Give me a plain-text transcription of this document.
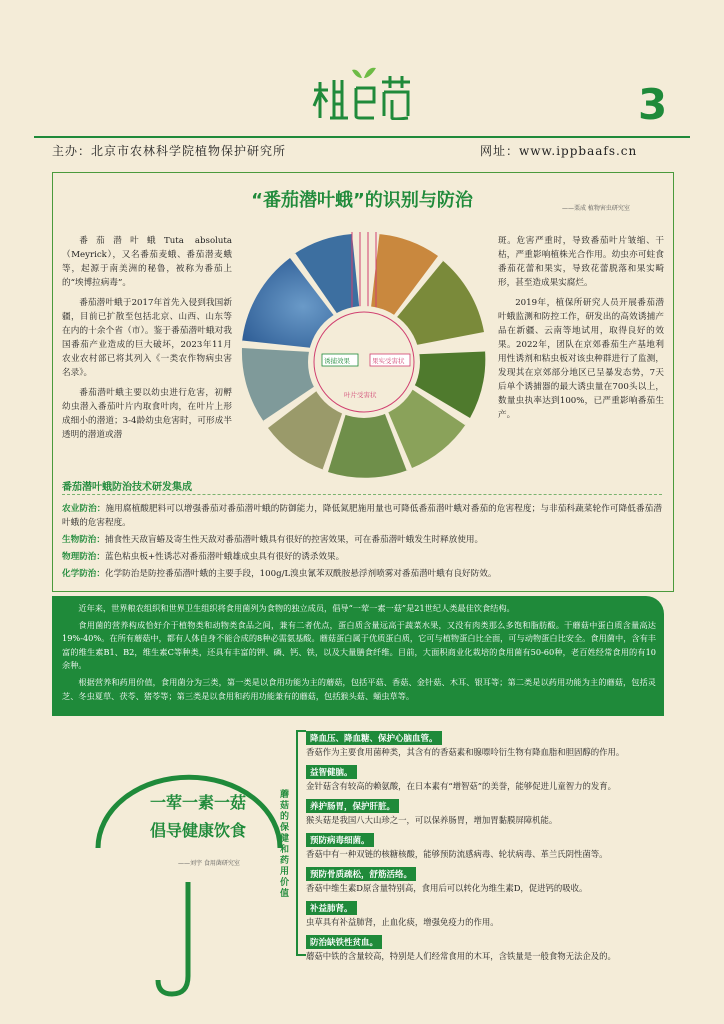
3
主办：北京市农林科学院植物保护研究所	网址：www.ippbaafs.cn
“番茄潜叶蛾”的识别与防治	——栗成 植物害虫研究室

番茄潜叶蛾Tuta absoluta（Meyrick），又名番茄麦蛾、番茄潜麦蛾等，起源于南美洲的秘鲁，被称为番茄上的“埃博拉病毒”。

番茄潜叶蛾于2017年首先入侵到我国新疆，目前已扩散至包括北京、山西、山东等在内的十余个省（市）。鉴于番茄潜叶蛾对我国番茄产业造成的巨大破坏，2023年11月农业农村部已将其列入《一类农作物病虫害名录》。

番茄潜叶蛾主要以幼虫进行危害，初孵幼虫潜入番茄叶片内取食叶肉，在叶片上形成细小的潜道；3-4龄幼虫危害时，可形成半透明的潜道或潜

斑。危害严重时，导致番茄叶片皱缩、干枯，严重影响植株光合作用。幼虫亦可蛀食番茄花蕾和果实，导致花蕾脱落和果实畸形，甚至造成果实腐烂。

2019年，植保所研究人员开展番茄潜叶蛾监测和防控工作，研发出的高效诱捕产品在新疆、云南等地试用，取得良好的效果。2022年，团队在京郊番茄生产基地利用性诱剂和粘虫板对该虫种群进行了监测，发现其在京郊部分地区已呈暴发态势，7天后单个诱捕器的最大诱虫量在700头以上，数量虫执率达到100%，已严重影响番茄生产。

诱捕效果	果实受害状
叶片受害状
番茄潜叶蛾防治技术研发集成
农业防治：施用腐植酸肥料可以增强番茄对番茄潜叶蛾的防御能力，降低氮肥施用量也可降低番茄潜叶蛾对番茄的危害程度；与非茄科蔬菜轮作可降低番茄潜叶蛾的危害程度。
生物防治：捕食性天敌盲蝽及寄生性天敌对番茄潜叶蛾具有很好的控害效果，可在番茄潜叶蛾发生时释放使用。
物理防治：蓝色粘虫板+性诱芯对番茄潜叶蛾雄成虫具有很好的诱杀效果。
化学防治：化学防治是防控番茄潜叶蛾的主要手段，100g/L溴虫氰苯双酰胺悬浮剂喷雾对番茄潜叶蛾有良好防效。

近年来，世界粮农组织和世界卫生组织将食用菌列为食物的独立成员，倡导“一荤一素一菇”是21世纪人类最佳饮食结构。

食用菌的营养构成恰好介于植物类和动物类食品之间，兼有二者优点，蛋白质含量远高于蔬菜水果，又没有肉类那么多饱和脂肪酸。干蘑菇中蛋白质含量高达19%-40%。在所有蘑菇中，都有人体自身不能合成的8种必需氨基酸。蘑菇蛋白属于优质蛋白质，它可与植物蛋白比全面，可与动物蛋白比安全。食用菌中，含有丰富的维生素B1、B2，维生素C等种类，还具有丰富的钾、磷、钙、铁，以及大量膳食纤维。目前，大面积商业化栽培的食用菌有50-60种，老百姓经常食用的有10余种。

根据营养和药用价值，食用菌分为三类，第一类是以食用功能为主的蘑菇，包括平菇、香菇、金针菇、木耳、银耳等；第二类是以药用功能为主的蘑菇，包括灵芝、冬虫夏草、茯苓、猪苓等；第三类是以食用和药用功能兼有的蘑菇，包括猴头菇、蛹虫草等。

一荤一素一菇
倡导健康饮食
——刘宇 食用菌研究室
蘑菇的保健和药用价值
降血压、降血糖、保护心脑血管。
香菇作为主要食用菌种类，其含有的香菇素和腺嘌呤衍生物有降血脂和胆固醇的作用。
益智健脑。
金针菇含有较高的赖氨酸，在日本素有“增智菇”的美誉，能够促进儿童智力的发育。
养护肠胃，保护肝脏。
猴头菇是我国八大山珍之一，可以保养肠胃，增加胃黏膜屏障机能。
预防病毒细菌。
香菇中有一种双链的核糖核酸，能够预防流感病毒、轮状病毒、革兰氏阴性菌等。
预防骨质疏松，舒筋活络。
香菇中维生素D原含量特别高，食用后可以转化为维生素D，促进钙的吸收。
补益肺肾。
虫草具有补益肺肾，止血化痰，增强免疫力的作用。
防治缺铁性贫血。
蘑菇中铁的含量较高，特别是人们经常食用的木耳，含铁量是一般食物无法企及的。
